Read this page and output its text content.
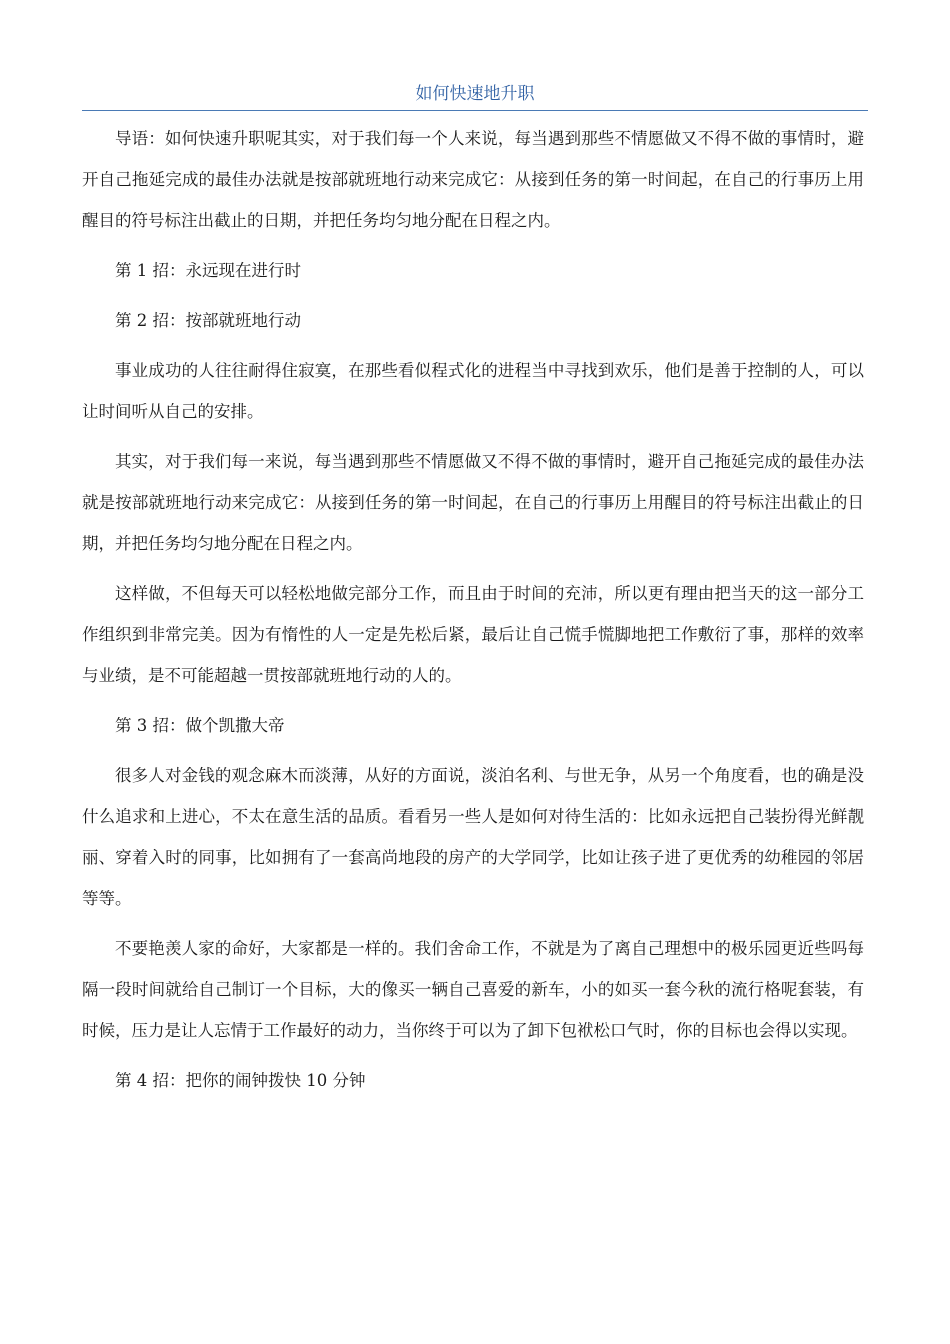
如何快速地升职

导语：如何快速升职呢其实，对于我们每一个人来说，每当遇到那些不情愿做又不得不做的事情时，避开自己拖延完成的最佳办法就是按部就班地行动来完成它：从接到任务的第一时间起，在自己的行事历上用醒目的符号标注出截止的日期，并把任务均匀地分配在日程之内。

第 1 招：永远现在进行时

第 2 招：按部就班地行动

事业成功的人往往耐得住寂寞，在那些看似程式化的进程当中寻找到欢乐，他们是善于控制的人，可以让时间听从自己的安排。

其实，对于我们每一来说，每当遇到那些不情愿做又不得不做的事情时，避开自己拖延完成的最佳办法就是按部就班地行动来完成它：从接到任务的第一时间起，在自己的行事历上用醒目的符号标注出截止的日期，并把任务均匀地分配在日程之内。

这样做，不但每天可以轻松地做完部分工作，而且由于时间的充沛，所以更有理由把当天的这一部分工作组织到非常完美。因为有惰性的人一定是先松后紧，最后让自己慌手慌脚地把工作敷衍了事，那样的效率与业绩，是不可能超越一贯按部就班地行动的人的。

第 3 招：做个凯撒大帝

很多人对金钱的观念麻木而淡薄，从好的方面说，淡泊名利、与世无争，从另一个角度看，也的确是没什么追求和上进心，不太在意生活的品质。看看另一些人是如何对待生活的：比如永远把自己装扮得光鲜靓丽、穿着入时的同事，比如拥有了一套高尚地段的房产的大学同学，比如让孩子进了更优秀的幼稚园的邻居等等。

不要艳羡人家的命好，大家都是一样的。我们舍命工作，不就是为了离自己理想中的极乐园更近些吗每隔一段时间就给自己制订一个目标，大的像买一辆自己喜爱的新车，小的如买一套今秋的流行格呢套装，有时候，压力是让人忘情于工作最好的动力，当你终于可以为了卸下包袱松口气时，你的目标也会得以实现。

第 4 招：把你的闹钟拨快 10 分钟
